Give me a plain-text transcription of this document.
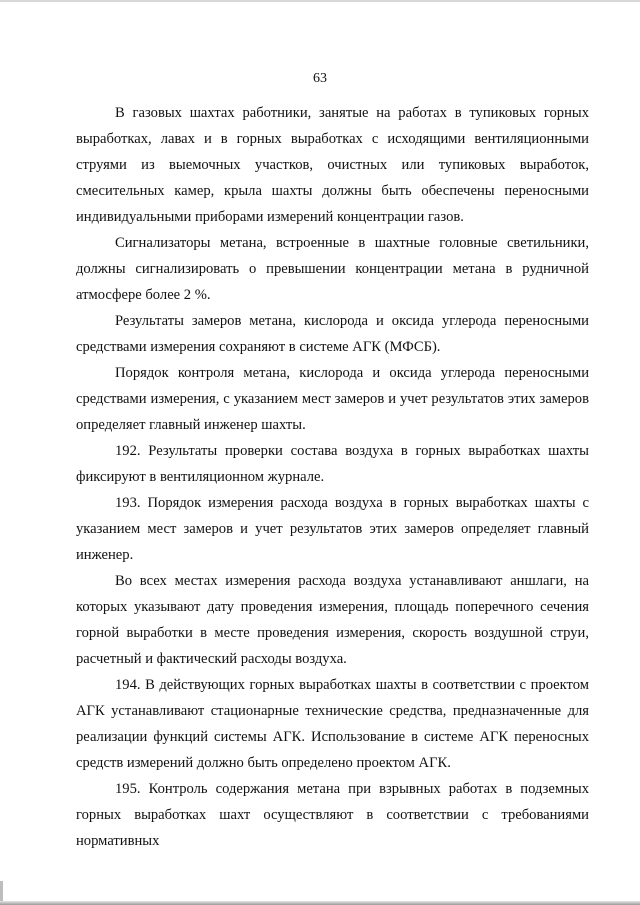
63

В газовых шахтах работники, занятые на работах в тупиковых горных выработках, лавах и в горных выработках с исходящими вентиляционными струями из выемочных участков, очистных или тупиковых выработок, смесительных камер, крыла шахты должны быть обеспечены переносными индивидуальными приборами измерений концентрации газов.

Сигнализаторы метана, встроенные в шахтные головные светильники, должны сигнализировать о превышении концентрации метана в рудничной атмосфере более 2 %.

Результаты замеров метана, кислорода и оксида углерода переносными средствами измерения сохраняют в системе АГК (МФСБ).

Порядок контроля метана, кислорода и оксида углерода переносными средствами измерения, с указанием мест замеров и учет результатов этих замеров определяет главный инженер шахты.

192. Результаты проверки состава воздуха в горных выработках шахты фиксируют в вентиляционном журнале.

193. Порядок измерения расхода воздуха в горных выработках шахты с указанием мест замеров и учет результатов этих замеров определяет главный инженер.

Во всех местах измерения расхода воздуха устанавливают аншлаги, на которых указывают дату проведения измерения, площадь поперечного сечения горной выработки в месте проведения измерения, скорость воздушной струи, расчетный и фактический расходы воздуха.

194. В действующих горных выработках шахты в соответствии с проектом АГК устанавливают стационарные технические средства, предназначенные для реализации функций системы АГК. Использование в системе АГК переносных средств измерений должно быть определено проектом АГК.

195. Контроль содержания метана при взрывных работах в подземных горных выработках шахт осуществляют в соответствии с требованиями нормативных
